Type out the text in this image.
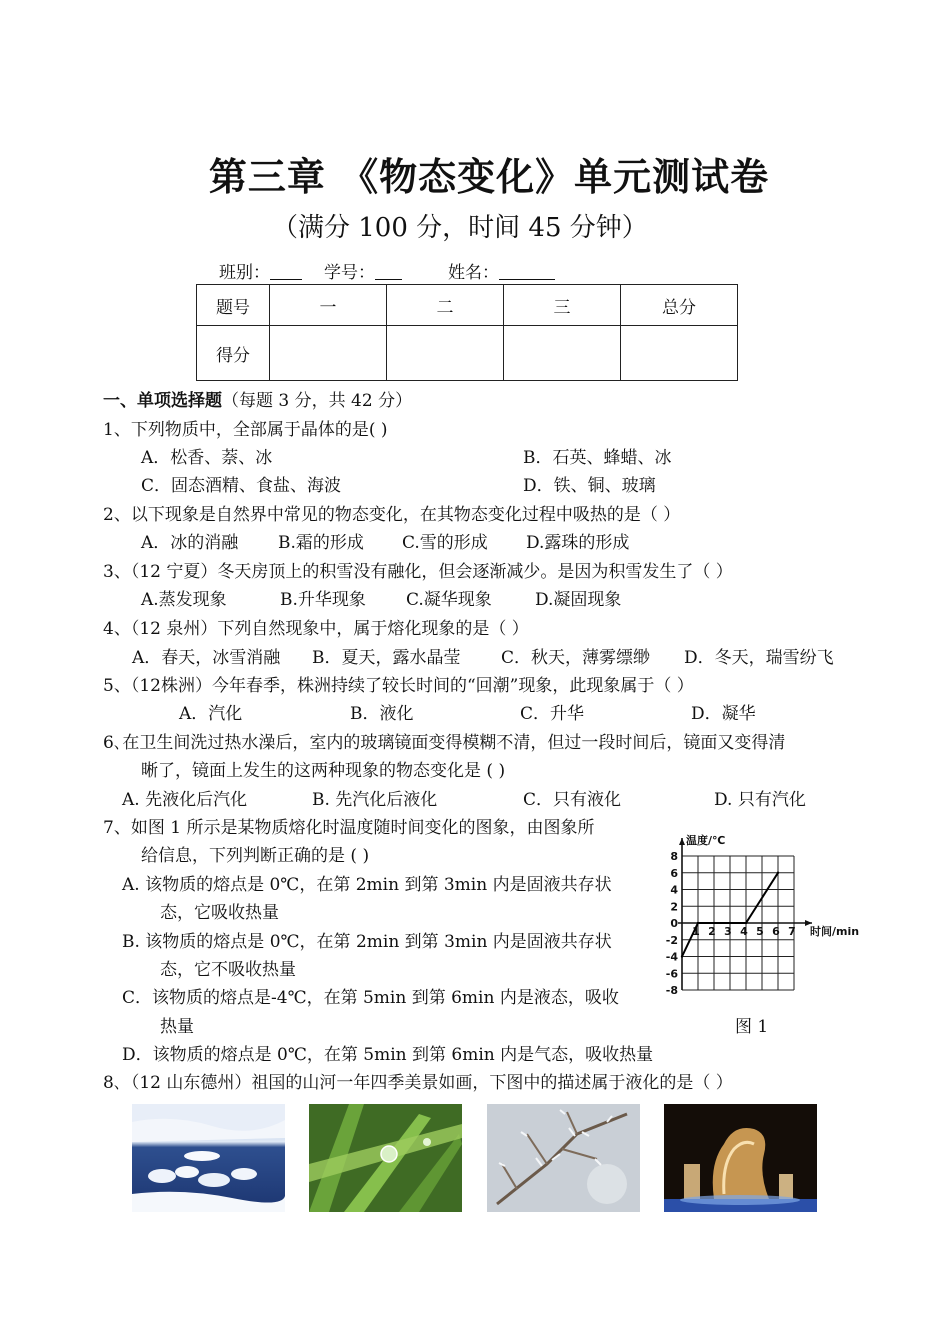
第三章 《物态变化》单元测试卷
（满分 100 分，时间 45 分钟）
班别：	学号：	姓名：
题号	一	二	三	总分
得分				
一、单项选择题（每题 3 分，共 42 分）
1、下列物质中，全部属于晶体的是( )
A．松香、萘、冰	B．石英、蜂蜡、冰
C．固态酒精、食盐、海波	D．铁、铜、玻璃
2、以下现象是自然界中常见的物态变化，在其物态变化过程中吸热的是（ ）
A．冰的消融 B.霜的形成 C.雪的形成 D.露珠的形成
3、（12 宁夏）冬天房顶上的积雪没有融化，但会逐渐减少。是因为积雪发生了（ ）
A.蒸发现象	B.升华现象 C.凝华现象	D.凝固现象
4、（12 泉州）下列自然现象中，属于熔化现象的是（ ）
A．春天，冰雪消融 B．夏天，露水晶莹 C．秋天，薄雾缥缈 D．冬天，瑞雪纷飞
5、（12株洲）今年春季，株洲持续了较长时间的“回潮”现象，此现象属于（ ）
A．汽化	B．液化	C．升华	D．凝华
6､在卫生间洗过热水澡后，室内的玻璃镜面变得模糊不清，但过一段时间后，镜面又变得清
晰了，镜面上发生的这两种现象的物态变化是 ( )
A. 先液化后汽化	B. 先汽化后液化	C．只有液化	D. 只有汽化
7、如图 1 所示是某物质熔化时温度随时间变化的图象，由图象所
给信息，下列判断正确的是 ( )
A. 该物质的熔点是 0℃，在第 2min 到第 3min 内是固液共存状
态，它吸收热量
B. 该物质的熔点是 0℃，在第 2min 到第 3min 内是固液共存状
态，它不吸收热量
C．该物质的熔点是-4℃，在第 5min 到第 6min 内是液态，吸收
热量
D．该物质的熔点是 0℃，在第 5min 到第 6min 内是气态，吸收热量
温度/℃
时间/min
8
6
4
2
0
-2
-4
-6
-8
1 2 3 4 5 6 7
图 1
8､（12 山东德州）祖国的山河一年四季美景如画，下图中的描述属于液化的是（ ）
